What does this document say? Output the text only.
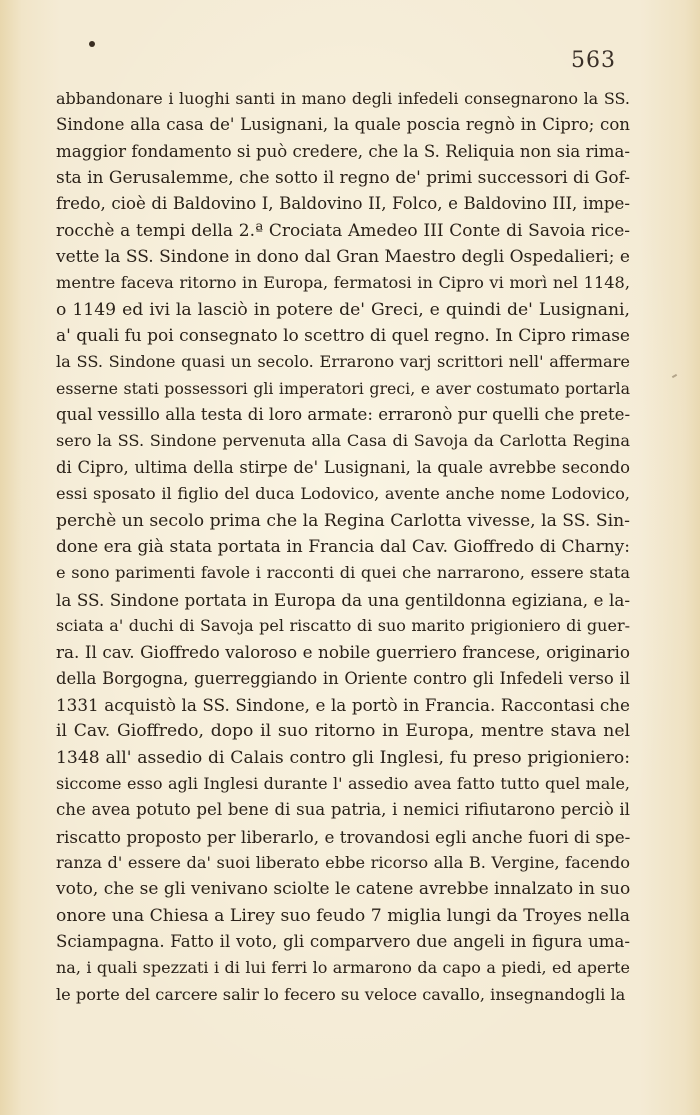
563
abbandonare i luoghi santi in mano degli infedeli consegnarono la SS.
Sindone alla casa de' Lusignani, la quale poscia regnò in Cipro; con
maggior fondamento si può credere, che la S. Reliquia non sia rima-
sta in Gerusalemme, che sotto il regno de' primi successori di Gof-
fredo, cioè di Baldovino I, Baldovino II, Folco, e Baldovino III, impe-
rocchè a tempi della 2.ª Crociata Amedeo III Conte di Savoia rice-
vette la SS. Sindone in dono dal Gran Maestro degli Ospedalieri; e
mentre faceva ritorno in Europa, fermatosi in Cipro vi morì nel 1148,
o 1149 ed ivi la lasciò in potere de' Greci, e quindi de' Lusignani,
a' quali fu poi consegnato lo scettro di quel regno. In Cipro rimase
la SS. Sindone quasi un secolo. Errarono varj scrittori nell' affermare
esserne stati possessori gli imperatori greci, e aver costumato portarla
qual vessillo alla testa di loro armate: erraronò pur quelli che prete-
sero la SS. Sindone pervenuta alla Casa di Savoja da Carlotta Regina
di Cipro, ultima della stirpe de' Lusignani, la quale avrebbe secondo
essi sposato il figlio del duca Lodovico, avente anche nome Lodovico,
perchè un secolo prima che la Regina Carlotta vivesse, la SS. Sin-
done era già stata portata in Francia dal Cav. Gioffredo di Charny:
e sono parimenti favole i racconti di quei che narrarono, essere stata
la SS. Sindone portata in Europa da una gentildonna egiziana, e la-
sciata a' duchi di Savoja pel riscatto di suo marito prigioniero di guer-
ra. Il cav. Gioffredo valoroso e nobile guerriero francese, originario
della Borgogna, guerreggiando in Oriente contro gli Infedeli verso il
1331 acquistò la SS. Sindone, e la portò in Francia. Raccontasi che
il Cav. Gioffredo, dopo il suo ritorno in Europa, mentre stava nel
1348 all' assedio di Calais contro gli Inglesi, fu preso prigioniero:
siccome esso agli Inglesi durante l' assedio avea fatto tutto quel male,
che avea potuto pel bene di sua patria, i nemici rifiutarono perciò il
riscatto proposto per liberarlo, e trovandosi egli anche fuori di spe-
ranza d' essere da' suoi liberato ebbe ricorso alla B. Vergine, facendo
voto, che se gli venivano sciolte le catene avrebbe innalzato in suo
onore una Chiesa a Lirey suo feudo 7 miglia lungi da Troyes nella
Sciampagna. Fatto il voto, gli comparvero due angeli in figura uma-
na, i quali spezzati i di lui ferri lo armarono da capo a piedi, ed aperte
le porte del carcere salir lo fecero su veloce cavallo, insegnandogli la
